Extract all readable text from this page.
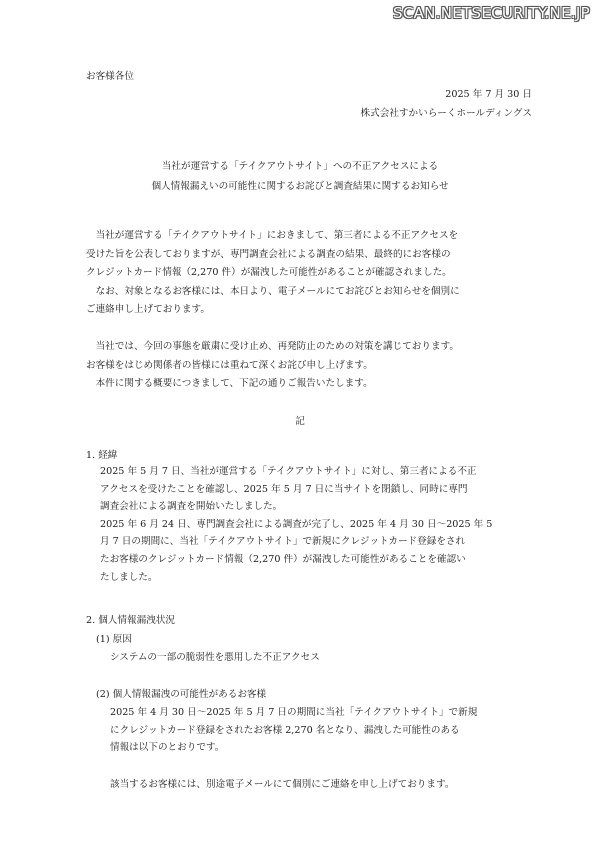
SCAN.NETSECURITY.NE.JP
お客様各位
2025 年 7 月 30 日
株式会社すかいらーくホールディングス
当社が運営する「テイクアウトサイト」への不正アクセスによる
個人情報漏えいの可能性に関するお詫びと調査結果に関するお知らせ

　当社が運営する「テイクアウトサイト」におきまして、第三者による不正アクセスを

受けた旨を公表しておりますが、専門調査会社による調査の結果、最終的にお客様の

クレジットカード情報（2,270 件）が漏洩した可能性があることが確認されました。

　なお、対象となるお客様には、本日より、電子メールにてお詫びとお知らせを個別に

ご連絡申し上げております。

　当社では、今回の事態を厳粛に受け止め、再発防止のための対策を講じております。

お客様をはじめ関係者の皆様には重ねて深くお詫び申し上げます。

　本件に関する概要につきまして、下記の通りご報告いたします。

記
1. 経緯

2025 年 5 月 7 日、当社が運営する「テイクアウトサイト」に対し、第三者による不正

アクセスを受けたことを確認し、2025 年 5 月 7 日に当サイトを閉鎖し、同時に専門

調査会社による調査を開始いたしました。

2025 年 6 月 24 日、専門調査会社による調査が完了し、2025 年 4 月 30 日～2025 年 5

月 7 日の期間に、当社「テイクアウトサイト」で新規にクレジットカード登録をされ

たお客様のクレジットカード情報（2,270 件）が漏洩した可能性があることを確認い

たしました。

2. 個人情報漏洩状況
(1) 原因
システムの一部の脆弱性を悪用した不正アクセス
(2) 個人情報漏洩の可能性があるお客様

2025 年 4 月 30 日～2025 年 5 月 7 日の期間に当社「テイクアウトサイト」で新規

にクレジットカード登録をされたお客様 2,270 名となり、漏洩した可能性のある

情報は以下のとおりです。

該当するお客様には、別途電子メールにて個別にご連絡を申し上げております。
